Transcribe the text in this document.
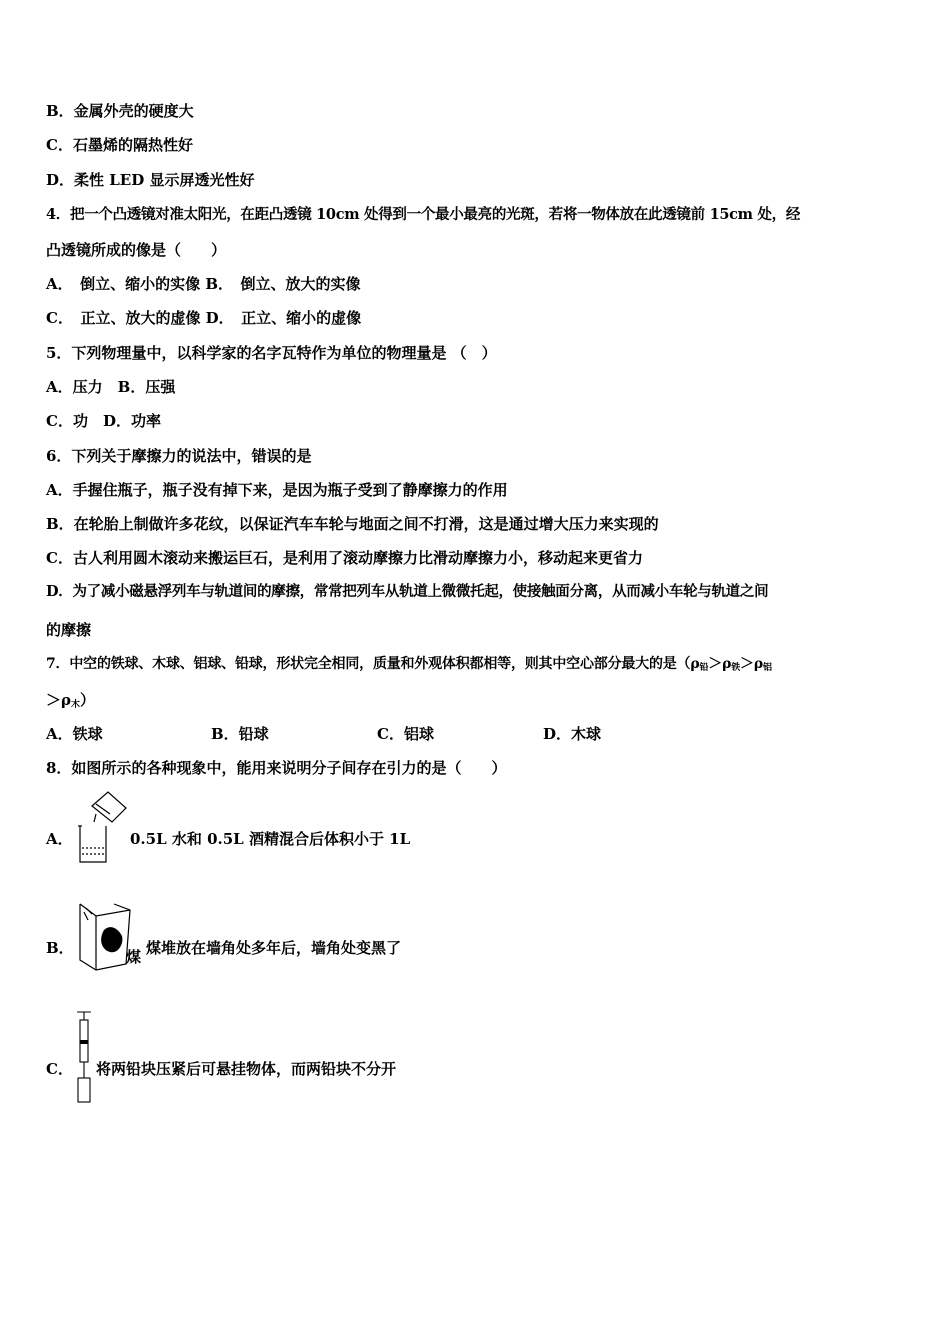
B．金属外壳的硬度大
C．石墨烯的隔热性好
D．柔性 LED 显示屏透光性好
4．把一个凸透镜对准太阳光，在距凸透镜 10cm 处得到一个最小最亮的光斑，若将一物体放在此透镜前 15cm 处，经
凸透镜所成的像是（　　）
A．　倒立、缩小的实像 B．　倒立、放大的实像
C．　正立、放大的虚像 D．　正立、缩小的虚像
5．下列物理量中，以科学家的名字瓦特作为单位的物理量是 （　）
A．压力　B．压强
C．功　D．功率
6．下列关于摩擦力的说法中，错误的是
A．手握住瓶子，瓶子没有掉下来，是因为瓶子受到了静摩擦力的作用
B．在轮胎上制做许多花纹，以保证汽车车轮与地面之间不打滑，这是通过增大压力来实现的
C．古人利用圆木滚动来搬运巨石，是利用了滚动摩擦力比滑动摩擦力小，移动起来更省力
D．为了减小磁悬浮列车与轨道间的摩擦，常常把列车从轨道上微微托起，使接触面分离，从而减小车轮与轨道之间
的摩擦
7．中空的铁球、木球、铝球、铅球，形状完全相同，质量和外观体积都相等，则其中空心部分最大的是（$\rho_铅>\rho_铁>\rho_铝$
$>\rho_木$）
A．铁球	B．铅球	C．铝球	D．木球
8．如图所示的各种现象中，能用来说明分子间存在引力的是（　　）
A．	0.5L 水和 0.5L 酒精混合后体积小于 1L
B．	煤 煤堆放在墙角处多年后，墙角处变黑了
C． 将两铅块压紧后可悬挂物体，而两铅块不分开
